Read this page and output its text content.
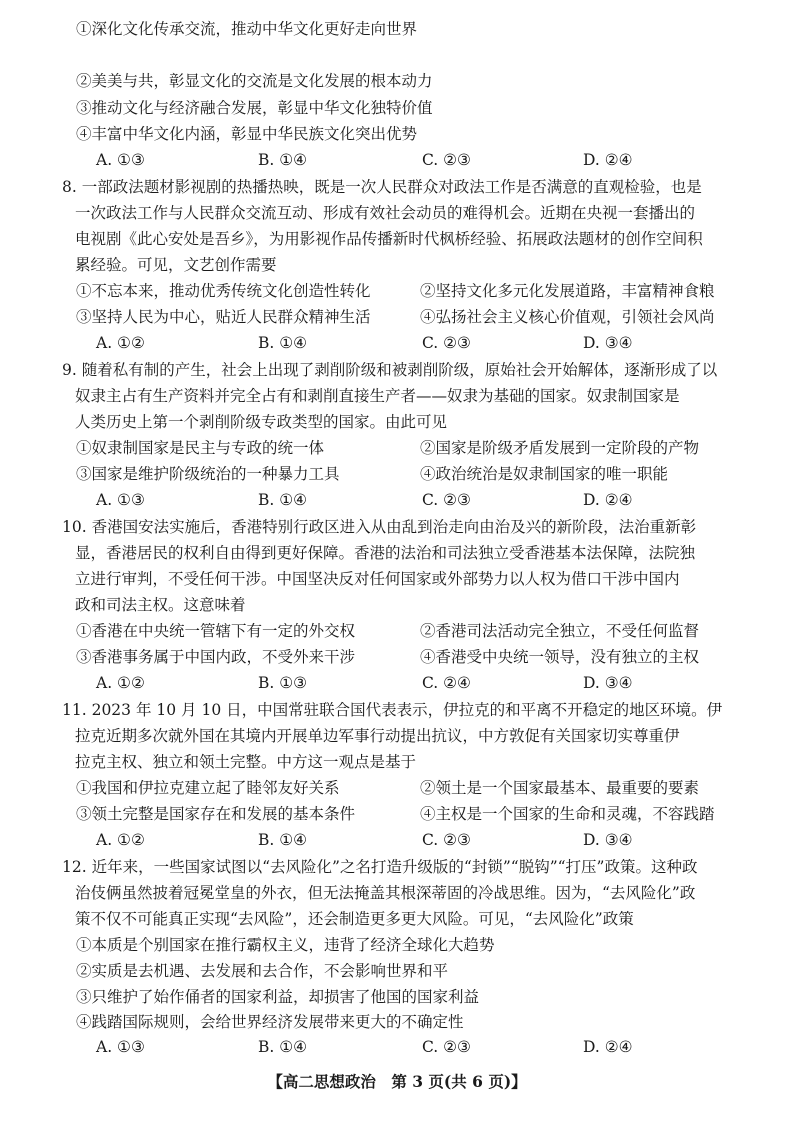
①深化文化传承交流，推动中华文化更好走向世界
②美美与共，彰显文化的交流是文化发展的根本动力
③推动文化与经济融合发展，彰显中华文化独特价值
④丰富中华文化内涵，彰显中华民族文化突出优势
A. ①③	B. ①④	C. ②③	D. ②④
8. 一部政法题材影视剧的热播热映，既是一次人民群众对政法工作是否满意的直观检验，也是
一次政法工作与人民群众交流互动、形成有效社会动员的难得机会。近期在央视一套播出的
电视剧《此心安处是吾乡》，为用影视作品传播新时代枫桥经验、拓展政法题材的创作空间积
累经验。可见，文艺创作需要
①不忘本来，推动优秀传统文化创造性转化	②坚持文化多元化发展道路，丰富精神食粮
③坚持人民为中心，贴近人民群众精神生活	④弘扬社会主义核心价值观，引领社会风尚
A. ①②	B. ①④	C. ②③	D. ③④
9. 随着私有制的产生，社会上出现了剥削阶级和被剥削阶级，原始社会开始解体，逐渐形成了以
奴隶主占有生产资料并完全占有和剥削直接生产者——奴隶为基础的国家。奴隶制国家是
人类历史上第一个剥削阶级专政类型的国家。由此可见
①奴隶制国家是民主与专政的统一体	②国家是阶级矛盾发展到一定阶段的产物
③国家是维护阶级统治的一种暴力工具	④政治统治是奴隶制国家的唯一职能
A. ①③	B. ①④	C. ②③	D. ②④
10. 香港国安法实施后，香港特别行政区进入从由乱到治走向由治及兴的新阶段，法治重新彰
显，香港居民的权利自由得到更好保障。香港的法治和司法独立受香港基本法保障，法院独
立进行审判，不受任何干涉。中国坚决反对任何国家或外部势力以人权为借口干涉中国内
政和司法主权。这意味着
①香港在中央统一管辖下有一定的外交权	②香港司法活动完全独立，不受任何监督
③香港事务属于中国内政，不受外来干涉	④香港受中央统一领导，没有独立的主权
A. ①②	B. ①③	C. ②④	D. ③④
11. 2023 年 10 月 10 日，中国常驻联合国代表表示，伊拉克的和平离不开稳定的地区环境。伊
拉克近期多次就外国在其境内开展单边军事行动提出抗议，中方敦促有关国家切实尊重伊
拉克主权、独立和领土完整。中方这一观点是基于
①我国和伊拉克建立起了睦邻友好关系	②领土是一个国家最基本、最重要的要素
③领土完整是国家存在和发展的基本条件	④主权是一个国家的生命和灵魂，不容践踏
A. ①②	B. ①④	C. ②③	D. ③④
12. 近年来，一些国家试图以“去风险化”之名打造升级版的“封锁”“脱钩”“打压”政策。这种政
治伎俩虽然披着冠冕堂皇的外衣，但无法掩盖其根深蒂固的冷战思维。因为，“去风险化”政
策不仅不可能真正实现“去风险”，还会制造更多更大风险。可见，“去风险化”政策
①本质是个别国家在推行霸权主义，违背了经济全球化大趋势
②实质是去机遇、去发展和去合作，不会影响世界和平
③只维护了始作俑者的国家利益，却损害了他国的国家利益
④践踏国际规则，会给世界经济发展带来更大的不确定性
A. ①③	B. ①④	C. ②③	D. ②④
【高二思想政治　第 3 页(共 6 页)】
